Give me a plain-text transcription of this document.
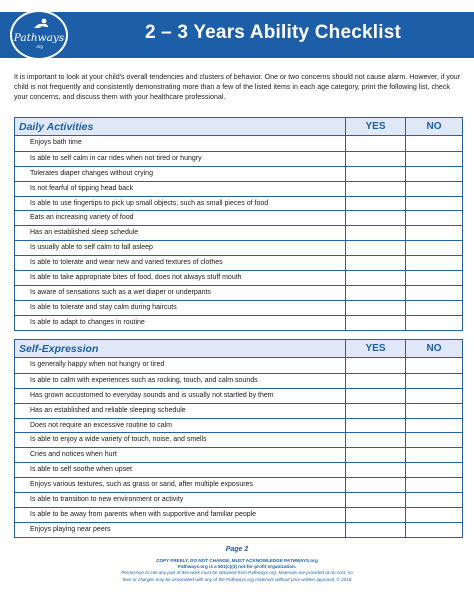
Pathways
.org
2 – 3 Years Ability Checklist
It is important to look at your child's overall tendencies and clusters of behavior. One or two concerns should not cause alarm. However, if your child is not frequently and consistently demonstrating more than a few of the listed items in each age category, print the following list, check your concerns, and discuss them with your healthcare professional.
Daily Activities	YES	NO
Enjoys bath time
Is able to self calm in car rides when not tired or hungry
Tolerates diaper changes without crying
Is not fearful of tipping head back
Is able to use fingertips to pick up small objects, such as small pieces of food
Eats an increasing variety of food
Has an established sleep schedule
Is usually able to self calm to fall asleep
Is able to tolerate and wear new and varied textures of clothes
Is able to take appropriate bites of food, does not always stuff mouth
Is aware of sensations such as a wet diaper or underpants
Is able to tolerate and stay calm during haircuts
Is able to adapt to changes in routine
Self-Expression	YES	NO
Is generally happy when not hungry or tired
Is able to calm with experiences such as rocking, touch, and calm sounds
Has grown accustomed to everyday sounds and is usually not startled by them
Has an established and reliable sleeping schedule
Does not require an excessive routine to calm
Is able to enjoy a wide variety of touch, noise, and smells
Cries and notices when hurt
Is able to self soothe when upset
Enjoys various textures, such as grass or sand, after multiple exposures
Is able to transition to new environment or activity
Is able to be away from parents when with supportive and familiar people
Enjoys playing near peers
Page 2
COPY FREELY, DO NOT CHANGE, MUST ACKNOWLEDGE PATHWAYS.org
Pathways.org is a 501(c)(3) not-for-profit organization.
Permission to cite any part of this work must be obtained from Pathways.org. Materials are provided at no cost; no
fees or charges may be associated with any of the Pathways.org materials without prior written approval. © 2018
